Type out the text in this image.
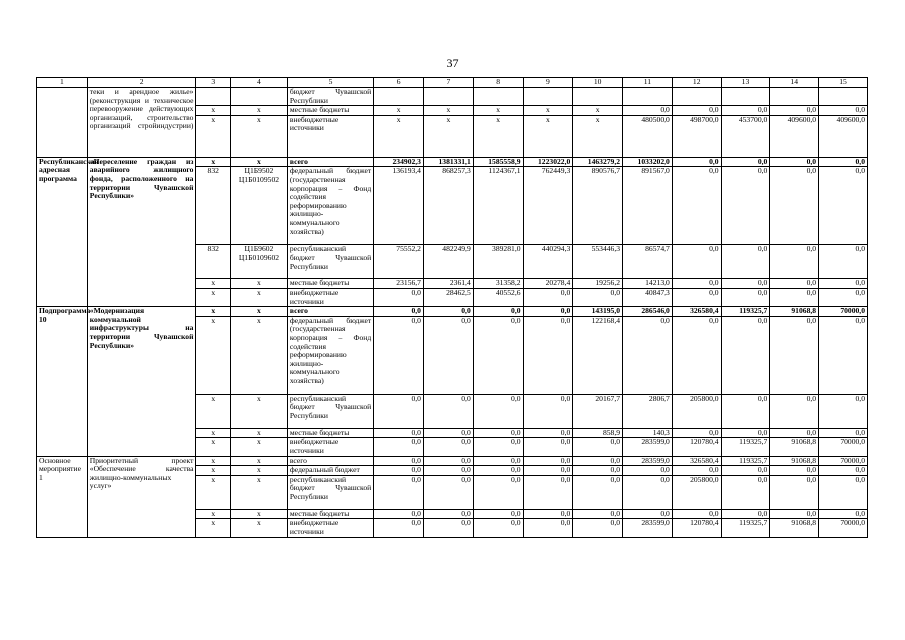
37
1	2	3	4	5	6	7	8	9	10	11	12	13	14	15
	теки и арендное жилье» (реконструкция и техническое перевооружение действующих организаций, строительство организаций стройиндустрии)			бюджет Чувашской Республики										
		x	x	местные бюджеты	x	x	x	x	x	0,0	0,0	0,0	0,0	0,0
		x	x	внебюджетные источники	x	x	x	x	x	480500,0	498700,0	453700,0	409600,0	409600,0
Республиканская адресная программа	«Переселение граждан из аварийного жилищного фонда, расположенного на территории Чувашской Республики»	x	x	всего	234902,3	1381331,1	1585558,9	1223022,0	1463279,2	1033202,0	0,0	0,0	0,0	0,0
		832	Ц1Б9502 Ц1Б0109502	федеральный бюджет (государственная корпорация – Фонд содействия реформированию жилищно-коммунального хозяйства)	136193,4	868257,3	1124367,1	762449,3	890576,7	891567,0	0,0	0,0	0,0	0,0
		832	Ц1Б9602 Ц1Б0109602	республиканский бюджет Чувашской Республики	75552,2	482249,9	389281,0	440294,3	553446,3	86574,7	0,0	0,0	0,0	0,0
		x	x	местные бюджеты	23156,7	2361,4	31358,2	20278,4	19256,2	14213,0	0,0	0,0	0,0	0,0
		x	x	внебюджетные источники	0,0	28462,5	40552,6	0,0	0,0	40847,3	0,0	0,0	0,0	0,0
Подпрограмма 10	«Модернизация коммунальной инфраструктуры на территории Чувашской Республики»	x	x	всего	0,0	0,0	0,0	0,0	143195,0	286546,0	326580,4	119325,7	91068,8	70000,0
		x	x	федеральный бюджет (государственная корпорация – Фонд содействия реформированию жилищно-коммунального хозяйства)	0,0	0,0	0,0	0,0	122168,4	0,0	0,0	0,0	0,0	0,0
		x	x	республиканский бюджет Чувашской Республики	0,0	0,0	0,0	0,0	20167,7	2806,7	205800,0	0,0	0,0	0,0
		x	x	местные бюджеты	0,0	0,0	0,0	0,0	858,9	140,3	0,0	0,0	0,0	0,0
		x	x	внебюджетные источники	0,0	0,0	0,0	0,0	0,0	283599,0	120780,4	119325,7	91068,8	70000,0
Основное мероприятие 1	Приоритетный проект «Обеспечение качества жилищно-коммунальных услуг»	x	x	всего	0,0	0,0	0,0	0,0	0,0	283599,0	326580,4	119325,7	91068,8	70000,0
		x	x	федеральный бюджет	0,0	0,0	0,0	0,0	0,0	0,0	0,0	0,0	0,0	0,0
		x	x	республиканский бюджет Чувашской Республики	0,0	0,0	0,0	0,0	0,0	0,0	205800,0	0,0	0,0	0,0
		x	x	местные бюджеты	0,0	0,0	0,0	0,0	0,0	0,0	0,0	0,0	0,0	0,0
		x	x	внебюджетные источники	0,0	0,0	0,0	0,0	0,0	283599,0	120780,4	119325,7	91068,8	70000,0
